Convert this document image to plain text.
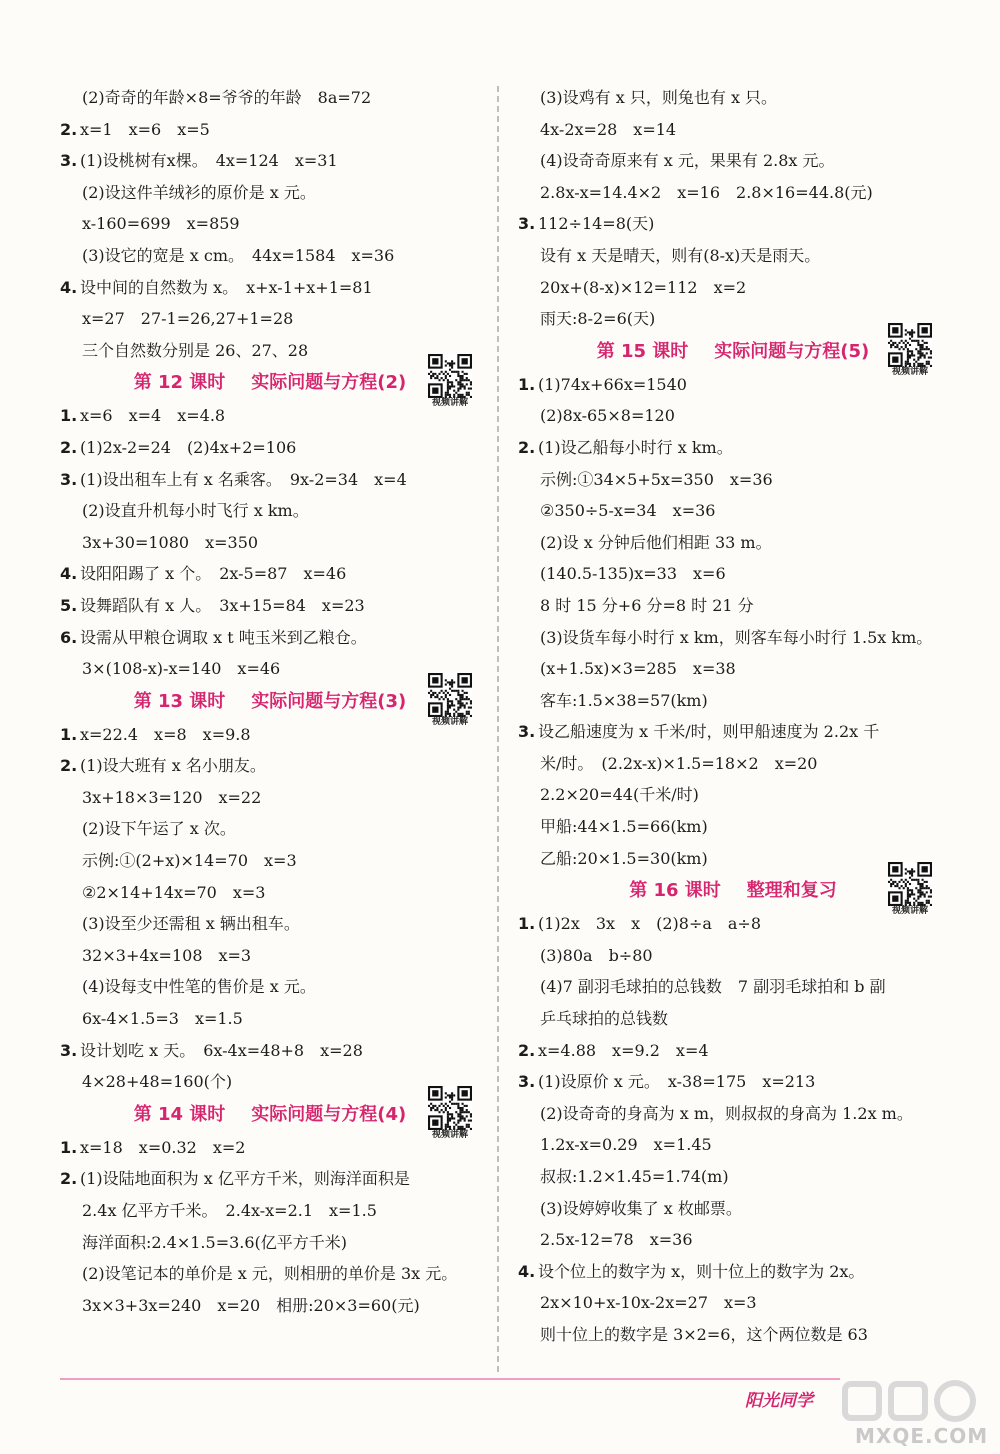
(2)奇奇的年龄×8=爷爷的年龄　8a=72
2. x=1　x=6　x=5
3. (1)设桃树有x棵。　4x=124　x=31
(2)设这件羊绒衫的原价是 x 元。
x-160=699　x=859
(3)设它的宽是 x cm。　44x=1584　x=36
4. 设中间的自然数为 x。　x+x-1+x+1=81
x=27　27-1=26,27+1=28
三个自然数分别是 26、27、28
第 12 课时 实际问题与方程(2)
视频讲解
1. x=6　x=4　x=4.8
2. (1)2x-2=24　(2)4x+2=106
3. (1)设出租车上有 x 名乘客。　9x-2=34　x=4
(2)设直升机每小时飞行 x km。
3x+30=1080　x=350
4. 设阳阳踢了 x 个。　2x-5=87　x=46
5. 设舞蹈队有 x 人。　3x+15=84　x=23
6. 设需从甲粮仓调取 x t 吨玉米到乙粮仓。
3×(108-x)-x=140　x=46
第 13 课时 实际问题与方程(3)
视频讲解
1. x=22.4　x=8　x=9.8
2. (1)设大班有 x 名小朋友。
3x+18×3=120　x=22
(2)设下午运了 x 次。
示例:①(2+x)×14=70　x=3
②2×14+14x=70　x=3
(3)设至少还需租 x 辆出租车。
32×3+4x=108　x=3
(4)设每支中性笔的售价是 x 元。
6x-4×1.5=3　x=1.5
3. 设计划吃 x 天。　6x-4x=48+8　x=28
4×28+48=160(个)
第 14 课时 实际问题与方程(4)
视频讲解
1. x=18　x=0.32　x=2
2. (1)设陆地面积为 x 亿平方千米，则海洋面积是
2.4x 亿平方千米。　2.4x-x=2.1　x=1.5
海洋面积:2.4×1.5=3.6(亿平方千米)
(2)设笔记本的单价是 x 元，则相册的单价是 3x 元。
3x×3+3x=240　x=20　相册:20×3=60(元)
(3)设鸡有 x 只，则兔也有 x 只。
4x-2x=28　x=14
(4)设奇奇原来有 x 元，果果有 2.8x 元。
2.8x-x=14.4×2　x=16　2.8×16=44.8(元)
3. 112÷14=8(天)
设有 x 天是晴天，则有(8-x)天是雨天。
20x+(8-x)×12=112　x=2
雨天:8-2=6(天)
第 15 课时 实际问题与方程(5)
视频讲解
1. (1)74x+66x=1540
(2)8x-65×8=120
2. (1)设乙船每小时行 x km。
示例:①34×5+5x=350　x=36
②350÷5-x=34　x=36
(2)设 x 分钟后他们相距 33 m。
(140.5-135)x=33　x=6
8 时 15 分+6 分=8 时 21 分
(3)设货车每小时行 x km，则客车每小时行 1.5x km。
(x+1.5x)×3=285　x=38
客车:1.5×38=57(km)
3. 设乙船速度为 x 千米/时，则甲船速度为 2.2x 千
米/时。　(2.2x-x)×1.5=18×2　x=20
2.2×20=44(千米/时)
甲船:44×1.5=66(km)
乙船:20×1.5=30(km)
第 16 课时 整理和复习
视频讲解
1. (1)2x　3x　x　(2)8÷a　a÷8
(3)80a　b÷80
(4)7 副羽毛球拍的总钱数　7 副羽毛球拍和 b 副
乒乓球拍的总钱数
2. x=4.88　x=9.2　x=4
3. (1)设原价 x 元。　x-38=175　x=213
(2)设奇奇的身高为 x m，则叔叔的身高为 1.2x m。
1.2x-x=0.29　x=1.45
叔叔:1.2×1.45=1.74(m)
(3)设婷婷收集了 x 枚邮票。
2.5x-12=78　x=36
4. 设个位上的数字为 x，则十位上的数字为 2x。
2x×10+x-10x-2x=27　x=3
则十位上的数字是 3×2=6，这个两位数是 63
阳光同学
MXQE.COM
